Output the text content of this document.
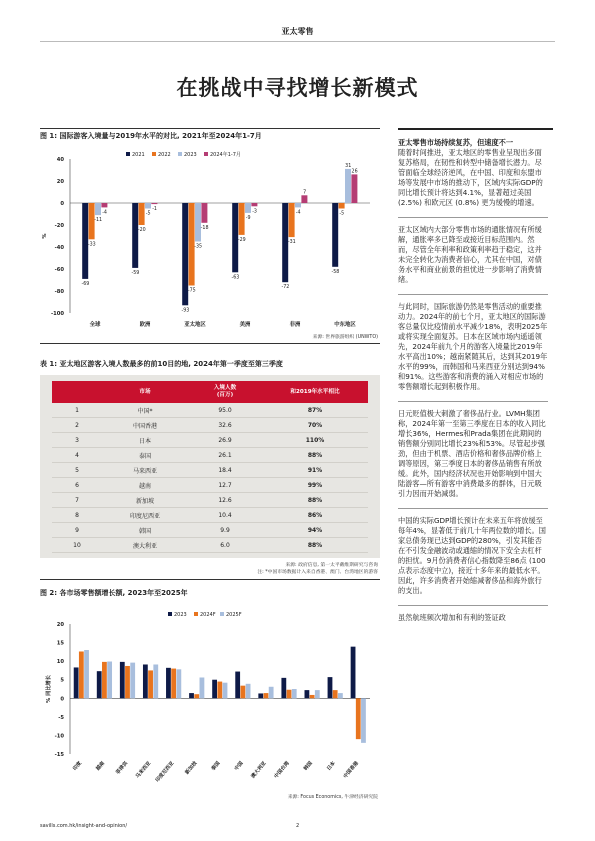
亚太零售
在挑战中寻找增长新模式
图 1: 国际游客入境量与2019年水平的对比, 2021年至2024年1-7月
40
20
0
-20
-40
-60
-80
-100
%
-69
-33
-11
-4
全球
-59
-20
-5
-1
欧洲
-93
-75
-35
-18
亚太地区
-63
-29
-9
-3
美洲
-72
-31
-4
7
非洲
-58
-5
31
26
中东地区
2021	2022	2023	2024年1-7月
来源: 世界旅游组织 (UNWTO)
表 1: 亚太地区游客入境人数最多的前10目的地, 2024年第一季度至第三季度
	市场	入境人数
(百万)	和2019年水平相比
1	中国*	95.0	87%
2	中国香港	32.6	70%
3	日本	26.9	110%
4	泰国	26.1	88%
5	马来西亚	18.4	91%
6	越南	12.7	99%
7	新加坡	12.6	88%
8	印度尼西亚	10.4	86%
9	韩国	9.9	94%
10	澳大利亚	6.0	88%
来源: 政府信息, 第一太平戴维斯研究与咨询
注: *中国市场数据计入来自香港、澳门、台湾地区的游客
图 2: 各市场零售额增长额, 2023年至2025年
20
15
10
5
0
-5
-10
-15
% 同比增长
印度 越南 菲律宾 马来西亚 印度尼西亚 新加坡 泰国 中国 澳大利亚 中国台湾 韩国 日本 中国香港
2023	2024F 2025F
来源: Focus Economics, 牛津经济研究院

亚太零售市场持续复苏，但速度不一

随着时间推进，亚太地区的零售业呈现出多面复苏格局，在韧性和转型中储备增长潜力。尽管面临全球经济逆风，在中国、印度和东盟市场等发展中市场的推动下，区域内实际GDP的同比增长预计将达到4.1%，显著超过美国 (2.5%) 和欧元区 (0.8%) 更为缓慢的增速。

亚太区域内大部分零售市场的通胀情况有所缓解，通胀率多已降至或接近目标范围内。然而，尽管全年利率和政策利率趋于稳定，这并未完全转化为消费者信心，尤其在中国，对债务水平和商业前景的担忧进一步影响了消费情绪。

与此同时，国际旅游仍然是零售活动的重要推动力。2024年的前七个月，亚太地区的国际游客总量仅比疫情前水平减少18%，表明2025年或将实现全面复苏。日本在区域市场内遥遥领先，2024年前九个月的游客入境量比2019年水平高出10%；越南紧随其后，达到其2019年水平的99%，而韩国和马来西亚分别达到94%和91%。这些游客和消费的涌入对相应市场的零售额增长起到积极作用。

日元贬值极大刺激了奢侈品行业。LVMH集团称，2024年第一至第三季度在日本的收入同比增长36%，Hermes和Prada集团在此期间的销售额分别同比增长23%和53%。尽管起步强劲，但由于机票、酒店价格和奢侈品牌价格上调等原因，第三季度日本的奢侈品销售有所放缓。此外，国内经济状况也开始影响到中国大陆游客—所有游客中消费最多的群体，日元吸引力因而开始减弱。

中国的实际GDP增长预计在未来五年将放缓至每年4%，显著低于前几十年两位数的增长。国家总债务现已达到GDP的280%，引发其能否在不引发金融波动或通缩的情况下安全去杠杆的担忧。9月份消费者信心指数降至86点 (100点表示态度中立)，接近十多年来的最低水平。因此，许多消费者开始缩减奢侈品和海外旅行的支出。

虽然航班频次增加和有利的签证政

savills.com.hk/insight-and-opinion/	2
